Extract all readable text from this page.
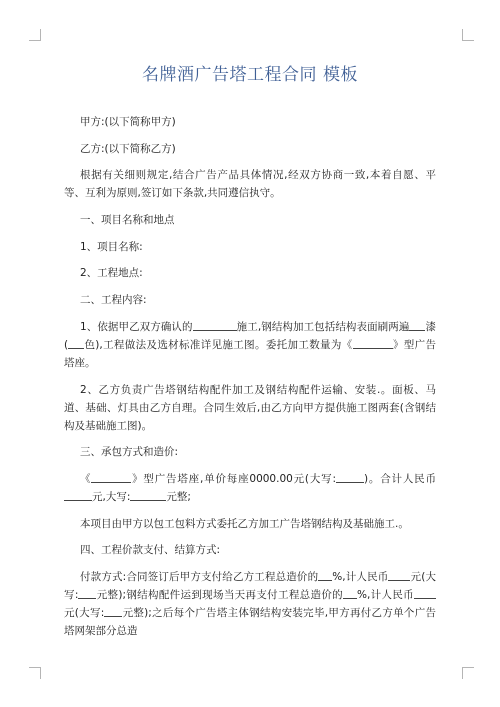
名牌酒广告塔工程合同 模板

甲方:(以下简称甲方)

乙方:(以下简称乙方)

根据有关细则规定,结合广告产品具体情况,经双方协商一致,本着自愿、平等、互利为原则,签订如下条款,共同遵信执守。

一、项目名称和地点

1、项目名称:

2、工程地点:

二、工程内容:

1、依据甲乙双方确认的	施工,钢结构加工包括结构表面刷两遍 漆( 色),工程做法及选材标准详见施工图。委托加工数量为《	》型广告塔座。

2、乙方负责广告塔钢结构配件加工及钢结构配件运输、安装.。面板、马道、基础、灯具由乙方自理。合同生效后,由乙方向甲方提供施工图两套(含钢结构及基础施工图)。

三、承包方式和造价:

《	》型广告塔座,单价每座0000.00元(大写:	)。合计人民币元,大写:	元整;

本项目由甲方以包工包料方式委托乙方加工广告塔钢结构及基础施工.。

四、工程价款支付、结算方式:

付款方式:合同签订后甲方支付给乙方工程总造价的 %,计人民币 元(大写: 元整);钢结构配件运到现场当天再支付工程总造价的 %,计人民币元(大写: 元整);之后每个广告塔主体钢结构安装完毕,甲方再付乙方单个广告塔网架部分总造
